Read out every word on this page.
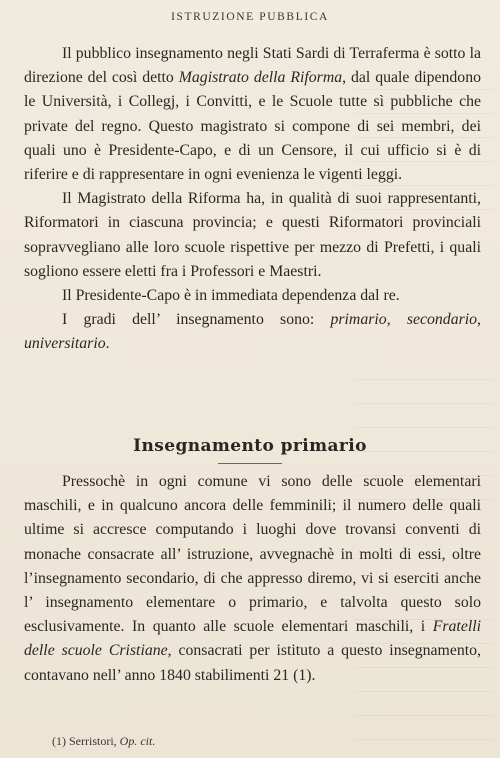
ISTRUZIONE PUBBLICA

Il pubblico insegnamento negli Stati Sardi di Terraferma è sotto la direzione del così detto Magistrato della Riforma, dal quale dipendono le Università, i Collegj, i Convitti, e le Scuole tutte sì pubbliche che private del regno. Questo magistrato si compone di sei membri, dei quali uno è Presidente-Capo, e di un Censore, il cui ufficio si è di riferire e di rappresentare in ogni evenienza le vigenti leggi.

Il Magistrato della Riforma ha, in qualità di suoi rappresentanti, Riformatori in ciascuna provincia; e questi Riformatori provinciali sopravvegliano alle loro scuole rispettive per mezzo di Prefetti, i quali sogliono essere eletti fra i Professori e Maestri.

Il Presidente-Capo è in immediata dependenza dal re.

I gradi dell’ insegnamento sono: primario, secondario, universitario.

Insegnamento primario

Pressochè in ogni comune vi sono delle scuole elementari maschili, e in qualcuno ancora delle femminili; il numero delle quali ultime si accresce computando i luoghi dove trovansi conventi di monache consacrate all’ istruzione, avvegnachè in molti di essi, oltre l’insegnamento secondario, di che appresso diremo, vi si eserciti anche l’ insegnamento elementare o primario, e talvolta questo solo esclusivamente. In quanto alle scuole elementari maschili, i Fratelli delle scuole Cristiane, consacrati per istituto a questo insegnamento, contavano nell’ anno 1840 stabilimenti 21 (1).

(1) Serristori, Op. cit.
